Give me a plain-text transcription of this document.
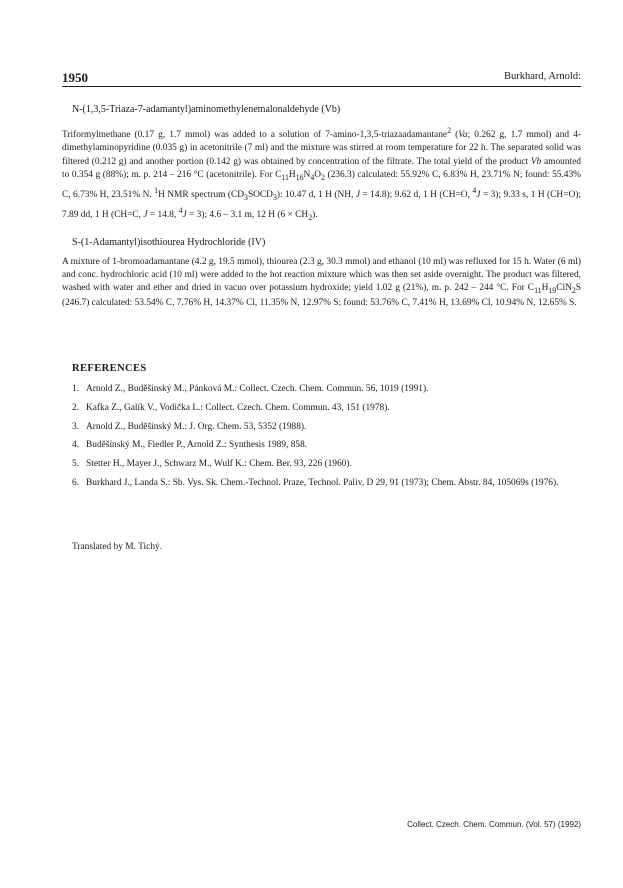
1950	Burkhard, Arnold:
N-(1,3,5-Triaza-7-adamantyl)aminomethylenemalonaldehyde (Vb)

Triformylmethane (0.17 g, 1.7 mmol) was added to a solution of 7-amino-1,3,5-triazaadamantane$^2$ (Va; 0.262 g, 1.7 mmol) and 4-dimethylaminopyridine (0.035 g) in acetonitrile (7 ml) and the mixture was stirred at room temperature for 22 h. The separated solid was filtered (0.212 g) and another portion (0.142 g) was obtained by concentration of the filtrate. The total yield of the product Vb amounted to 0.354 g (88%); m. p. 214 – 216 °C (acetonitrile). For $C_{11}H_{16}N_4O_2$ (236.3) calculated: 55.92% C, 6.83% H, 23.71% N; found: 55.43% C, 6.73% H, 23.51% N. $^1$H NMR spectrum $(CD_3SOCD_3)$: 10.47 d, 1 H (NH, J = 14.8); 9.62 d, 1 H (CH=O, $^4$J = 3); 9.33 s, 1 H (CH=O); 7.89 dd, 1 H (CH=C, J = 14.8, $^4$J = 3); 4.6 – 3.1 m, 12 H $(6 \times CH_2)$.

S-(1-Adamantyl)isothiourea Hydrochloride (IV)

A mixture of 1-bromoadamantane (4.2 g, 19.5 mmol), thiourea (2.3 g, 30.3 mmol) and ethanol (10 ml) was refluxed for 15 h. Water (6 ml) and conc. hydrochloric acid (10 ml) were added to the hot reaction mixture which was then set aside overnight. The product was filtered, washed with water and ether and dried in vacuo over potassium hydroxide; yield 1.02 g (21%), m. p. 242 – 244 °C. For $C_{11}H_{19}ClN_2S$ (246.7) calculated: 53.54% C, 7.76% H, 14.37% Cl, 11.35% N, 12.97% S; found: 53.76% C, 7.41% H, 13.69% Cl, 10.94% N, 12.65% S.

REFERENCES
1. Arnold Z., Buděšínský M., Pánková M.: Collect. Czech. Chem. Commun. 56, 1019 (1991).
2. Kafka Z., Galík V., Vodička L.: Collect. Czech. Chem. Commun. 43, 151 (1978).
3. Arnold Z., Buděšínský M.: J. Org. Chem. 53, 5352 (1988).
4. Buděšínský M., Fiedler P., Arnold Z.: Synthesis 1989, 858.
5. Stetter H., Mayer J., Schwarz M., Wulf K.: Chem. Ber. 93, 226 (1960).
6. Burkhard J., Landa S.: Sb. Vys. Sk. Chem.-Technol. Praze, Technol. Paliv, D 29, 91 (1973); Chem. Abstr. 84, 105069s (1976).
Translated by M. Tichý.
Collect. Czech. Chem. Commun. (Vol. 57) (1992)
